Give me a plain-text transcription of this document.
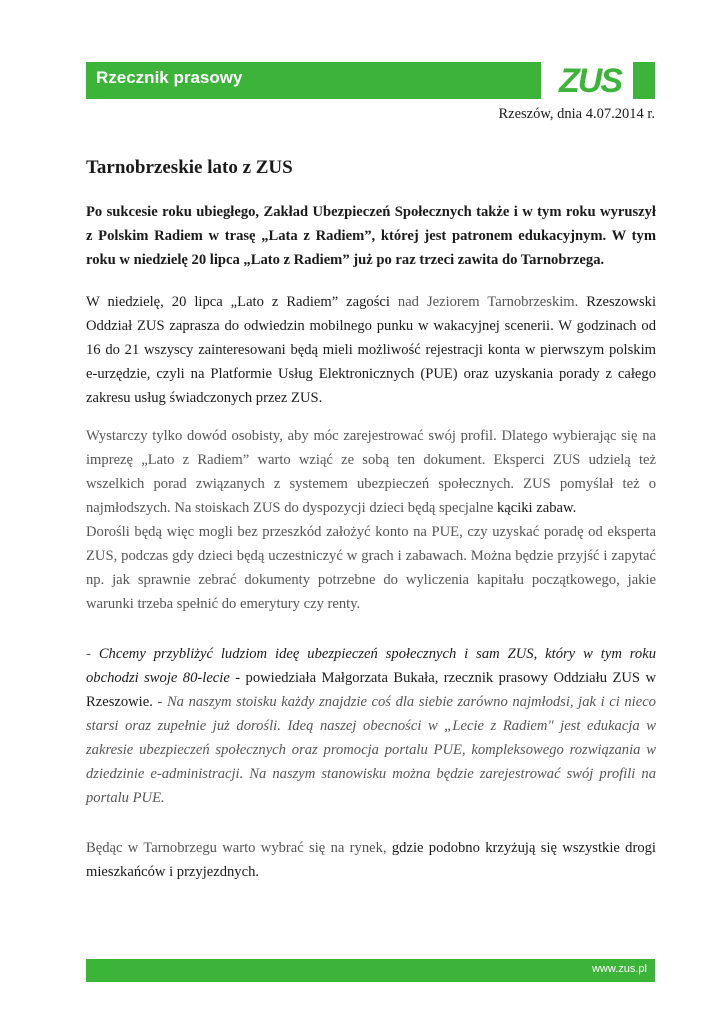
Rzecznik prasowy	ZUS
Rzeszów, dnia 4.07.2014 r.
Tarnobrzeskie lato z ZUS

Po sukcesie roku ubiegłego, Zakład Ubezpieczeń Społecznych także i w tym roku wyruszył z Polskim Radiem w trasę „Lata z Radiem”, której jest patronem edukacyjnym. W tym roku w niedzielę 20 lipca „Lato z Radiem” już po raz trzeci zawita do Tarnobrzega.

W niedzielę, 20 lipca „Lato z Radiem” zagości nad Jeziorem Tarnobrzeskim. Rzeszowski Oddział ZUS zaprasza do odwiedzin mobilnego punku w wakacyjnej scenerii. W godzinach od 16 do 21 wszyscy zainteresowani będą mieli możliwość rejestracji konta w pierwszym polskim e-urzędzie, czyli na Platformie Usług Elektronicznych (PUE) oraz uzyskania porady z całego zakresu usług świadczonych przez ZUS.

Wystarczy tylko dowód osobisty, aby móc zarejestrować swój profil. Dlatego wybierając się na imprezę „Lato z Radiem” warto wziąć ze sobą ten dokument. Eksperci ZUS udzielą też wszelkich porad związanych z systemem ubezpieczeń społecznych. ZUS pomyślał też o najmłodszych. Na stoiskach ZUS do dyspozycji dzieci będą specjalne kąciki zabaw.

Dorośli będą więc mogli bez przeszkód założyć konto na PUE, czy uzyskać poradę od eksperta ZUS, podczas gdy dzieci będą uczestniczyć w grach i zabawach. Można będzie przyjść i zapytać np. jak sprawnie zebrać dokumenty potrzebne do wyliczenia kapitału początkowego, jakie warunki trzeba spełnić do emerytury czy renty.

- Chcemy przybliżyć ludziom ideę ubezpieczeń społecznych i sam ZUS, który w tym roku obchodzi swoje 80-lecie - powiedziała Małgorzata Bukała, rzecznik prasowy Oddziału ZUS w Rzeszowie. - Na naszym stoisku każdy znajdzie coś dla siebie zarówno najmłodsi, jak i ci nieco starsi oraz zupełnie już dorośli. Ideą naszej obecności w „Lecie z Radiem" jest edukacja w zakresie ubezpieczeń społecznych oraz promocja portalu PUE, kompleksowego rozwiązania w dziedzinie e-administracji. Na naszym stanowisku można będzie zarejestrować swój profili na portalu PUE.

Będąc w Tarnobrzegu warto wybrać się na rynek, gdzie podobno krzyżują się wszystkie drogi mieszkańców i przyjezdnych.

www.zus.pl
